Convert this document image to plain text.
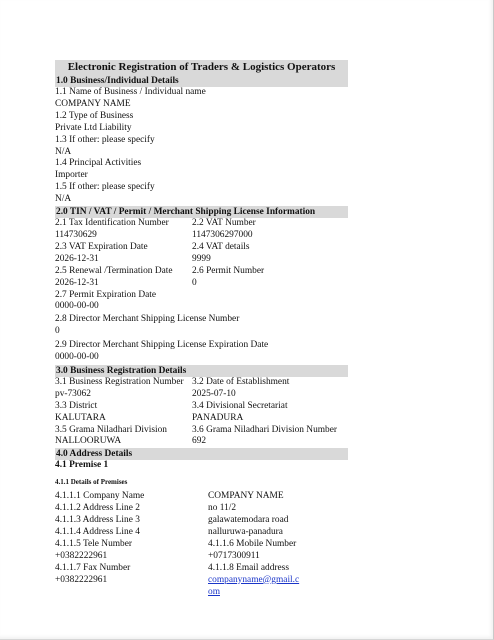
Electronic Registration of Traders & Logistics Operators
1.0 Business/Individual Details
1.1 Name of Business / Individual name
COMPANY NAME
1.2 Type of Business
Private Ltd Liability
1.3 If other: please specify
N/A
1.4 Principal Activities
Importer
1.5 If other: please specify
N/A
2.0 TIN / VAT / Permit / Merchant Shipping License Information
2.1 Tax Identification Number
114730629
2.2 VAT Number
1147306297000
2.3 VAT Expiration Date
2026-12-31
2.4 VAT details
9999
2.5 Renewal /Termination Date
2026-12-31
2.6 Permit Number
0
2.7 Permit Expiration Date
0000-00-00
2.8 Director Merchant Shipping License Number
0
2.9 Director Merchant Shipping License Expiration Date
0000-00-00
3.0 Business Registration Details
3.1 Business Registration Number
pv-73062
3.2 Date of Establishment
2025-07-10
3.3 District
KALUTARA
3.4 Divisional Secretariat
PANADURA
3.5 Grama Niladhari Division
NALLOORUWA
3.6 Grama Niladhari Division Number
692
4.0 Address Details
4.1 Premise 1
4.1.1 Details of Premises
4.1.1.1 Company Name	COMPANY NAME
4.1.1.2 Address Line 2	no 11/2
4.1.1.3 Address Line 3	galawatemodara road
4.1.1.4 Address Line 4	nalluruwa-panadura
4.1.1.5 Tele Number
+0382222961
4.1.1.6 Mobile Number
+0717300911
4.1.1.7 Fax Number
+0382222961
4.1.1.8 Email address
companyname@gmail.com
